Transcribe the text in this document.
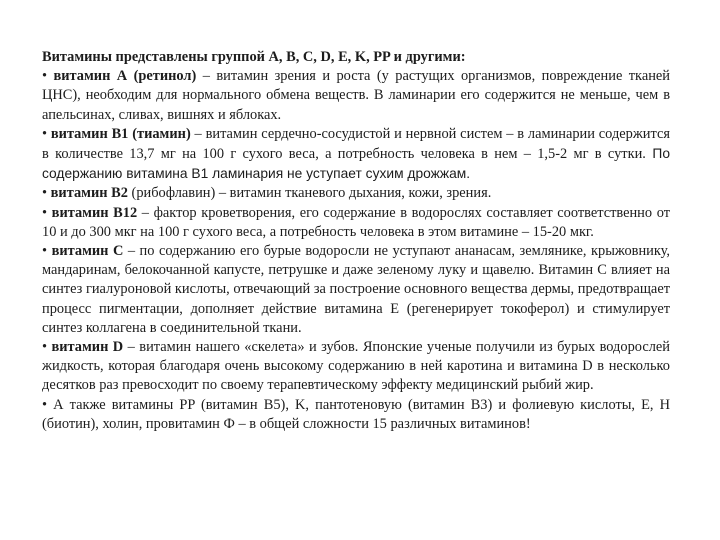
Витамины представлены группой A, B, C, D, E, K, PP и другими:

• витамин А (ретинол) – витамин зрения и роста (у растущих организмов, повреждение тканей ЦНС), необходим для нормального обмена веществ. В ламинарии его содержится не меньше, чем в апельсинах, сливах, вишнях и яблоках.

• витамин В1 (тиамин) – витамин сердечно-сосудистой и нервной систем – в ламинарии содержится в количестве 13,7 мг на 100 г сухого веса, а потребность человека в нем – 1,5-2 мг в сутки. По содержанию витамина В1 ламинария не уступает сухим дрожжам.

• витамин В2 (рибофлавин) – витамин тканевого дыхания, кожи, зрения.

• витамин В12 – фактор кроветворения, его содержание в водорослях составляет соответственно от 10 и до 300 мкг на 100 г сухого веса, а потребность человека в этом витамине – 15-20 мкг.

• витамин С – по содержанию его бурые водоросли не уступают ананасам, землянике, крыжовнику, мандаринам, белокочанной капусте, петрушке и даже зеленому луку и щавелю. Витамин С влияет на синтез гиалуроновой кислоты, отвечающий за построение основного вещества дермы, предотвращает процесс пигментации, дополняет действие витамина Е (регенерирует токоферол) и стимулирует синтез коллагена в соединительной ткани.

• витамин D – витамин нашего «скелета» и зубов. Японские ученые получили из бурых водорослей жидкость, которая благодаря очень высокому содержанию в ней каротина и витамина D в несколько десятков раз превосходит по своему терапевтическому эффекту медицинский рыбий жир.

• А также витамины PP (витамин В5), K, пантотеновую (витамин В3) и фолиевую кислоты, E, H (биотин), холин, провитамин Ф – в общей сложности 15 различных витаминов!
